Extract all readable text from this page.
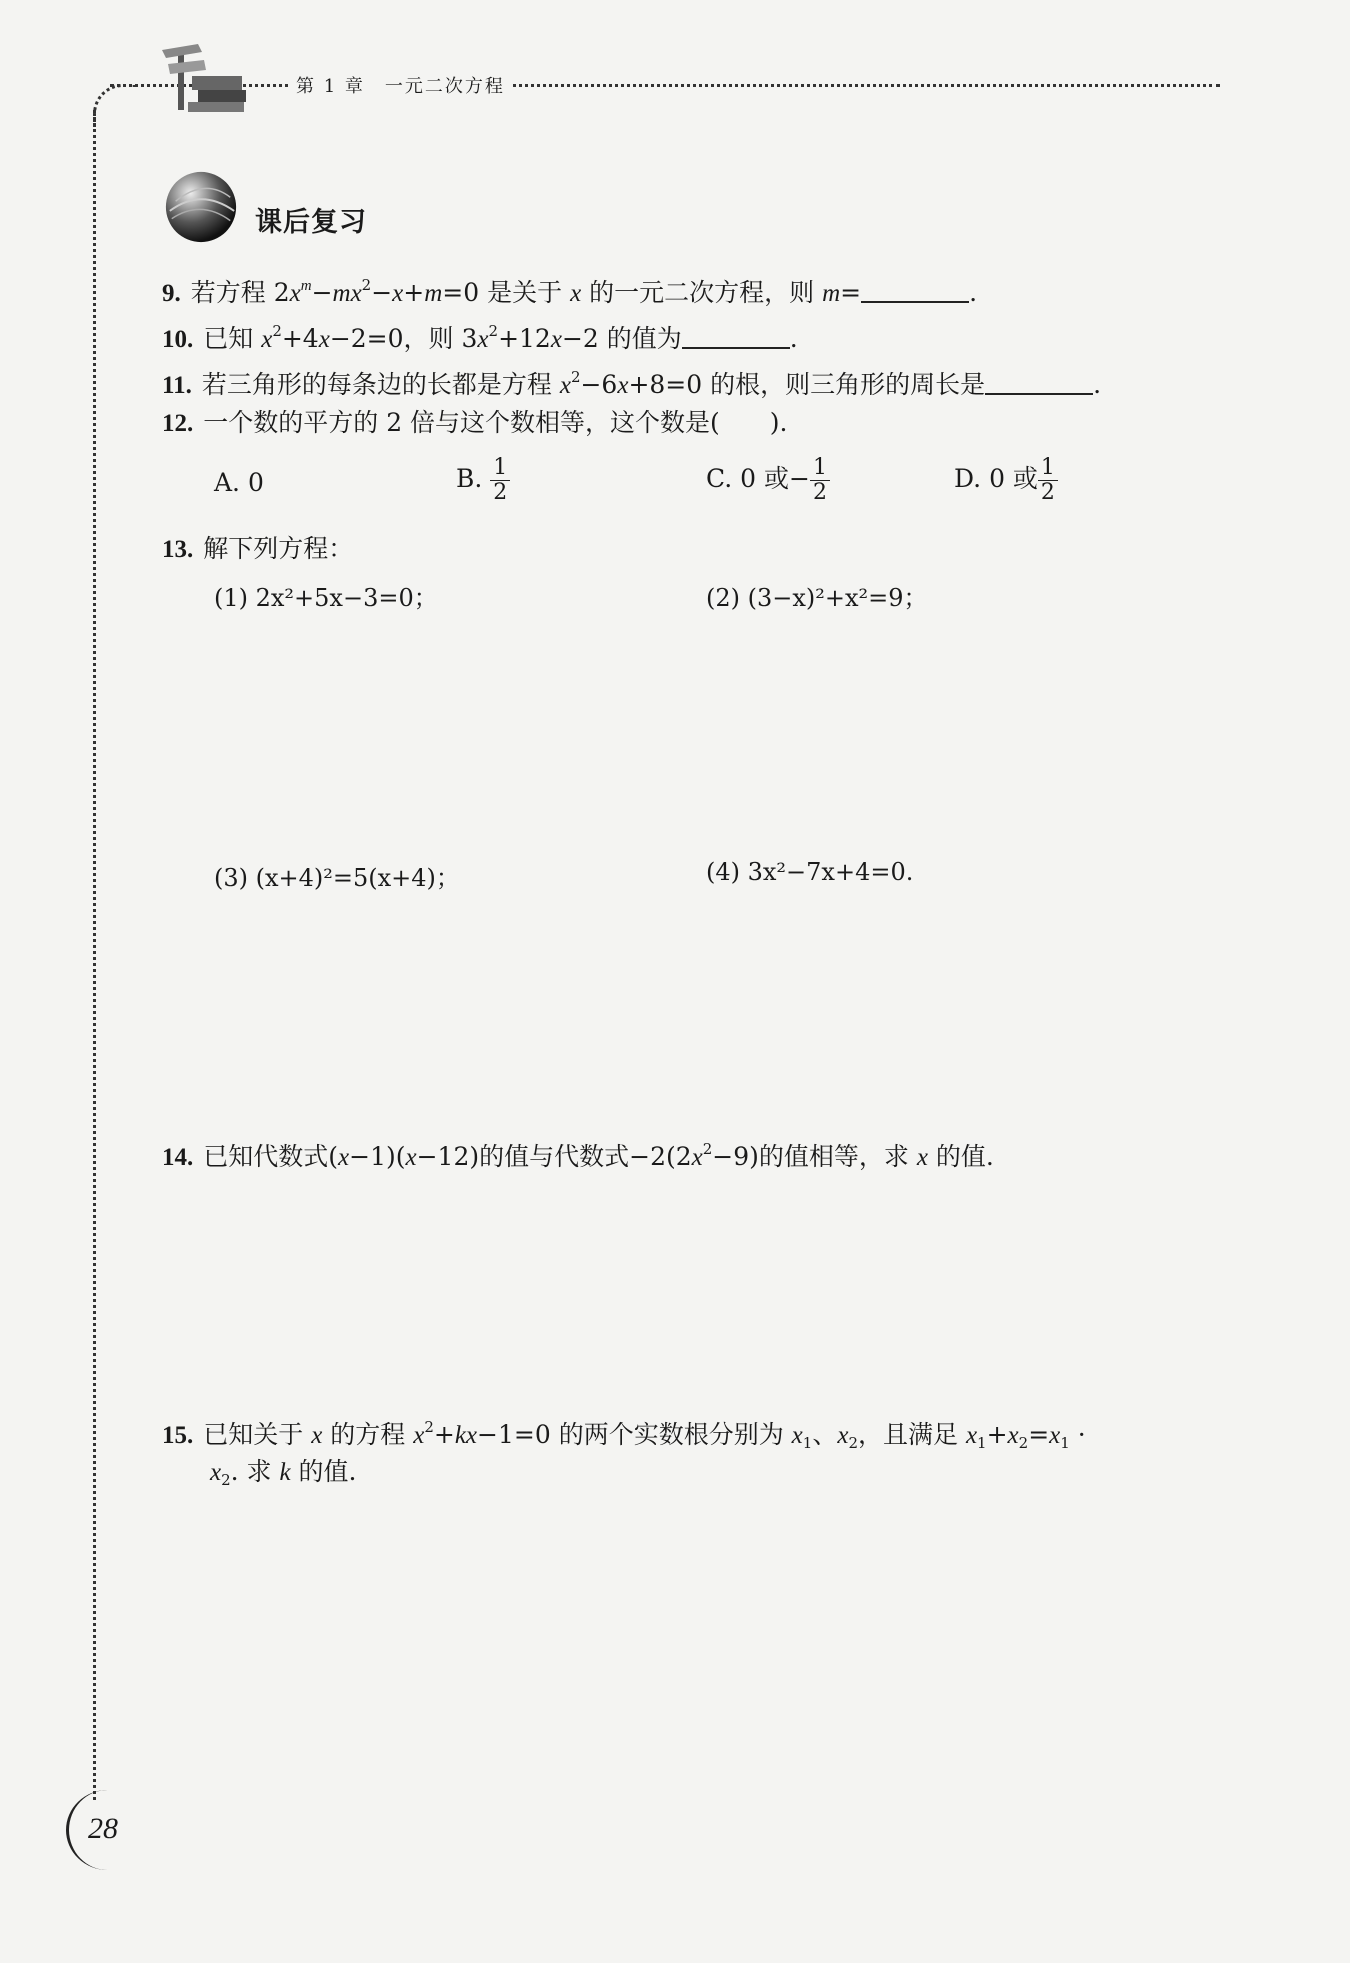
第 1 章　一元二次方程
课后复习
9. 若方程 $2x^m-mx^2-x+m=0$ 是关于 x 的一元二次方程，则 m=	.
10. 已知 $x^2+4x-2=0$，则 $3x^2+12x-2$ 的值为	.
11. 若三角形的每条边的长都是方程 $x^2-6x+8=0$ 的根，则三角形的周长是	.
12. 一个数的平方的 2 倍与这个数相等，这个数是(　　).
A. 0	B. $\frac{1}{2}$	C. 0 或− $\frac{1}{2}$	D. 0 或 $\frac{1}{2}$
13. 解下列方程：
(1) 2x²+5x−3=0；	(2) (3−x)²+x²=9；
(3) (x+4)²=5(x+4)；	(4) 3x²−7x+4=0.
14. 已知代数式(x−1)(x−12)的值与代数式$-2(2x^2-9)$的值相等，求 x 的值.
15. 已知关于 x 的方程 $x^2+kx-1=0$ 的两个实数根分别为 $x_1$、$x_2$，且满足 $x_1+x_2=x_1$ ·
$x_2$. 求 k 的值.
28
